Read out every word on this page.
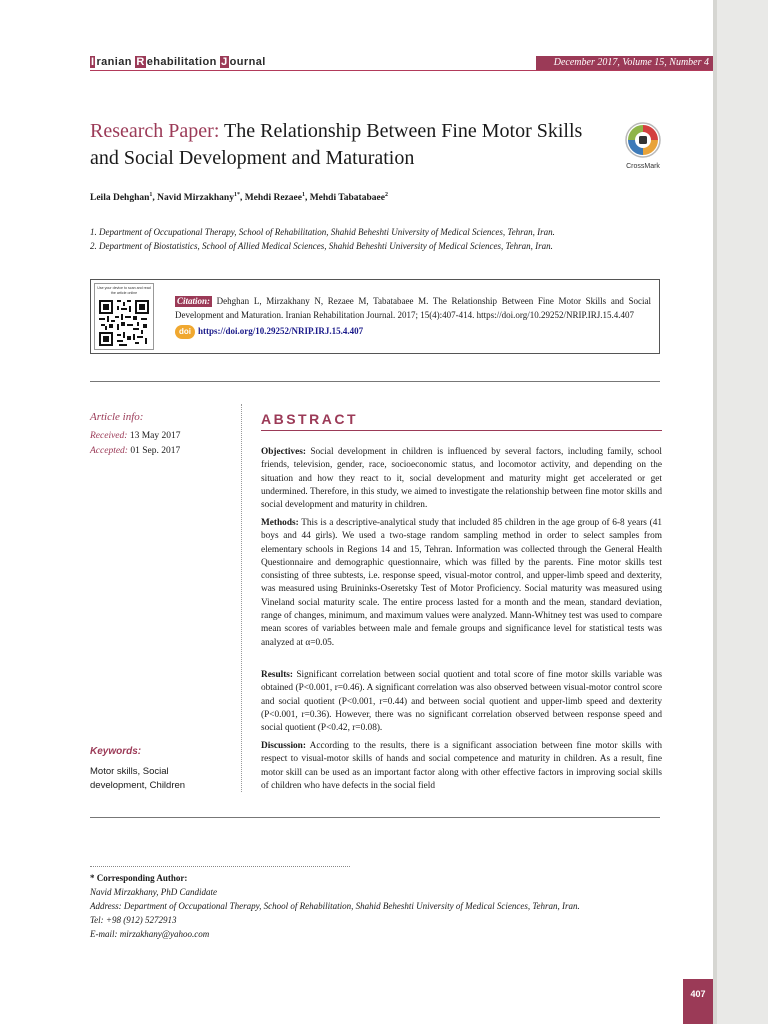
I ranian R ehabilitation J ournal	December 2017, Volume 15, Number 4
Research Paper: The Relationship Between Fine Motor Skills and Social Development and Maturation	CrossMark
Leila Dehghan$^1$, Navid Mirzakhany$^{1*}$, Mehdi Rezaee$^1$, Mehdi Tabatabaee$^2$
1. Department of Occupational Therapy, School of Rehabilitation, Shahid Beheshti University of Medical Sciences, Tehran, Iran.
2. Department of Biostatistics, School of Allied Medical Sciences, Shahid Beheshti University of Medical Sciences, Tehran, Iran.
Use your device to scan and read the article online
Citation: Dehghan L, Mirzakhany N, Rezaee M, Tabatabaee M. The Relationship Between Fine Motor Skills and Social Development and Maturation. Iranian Rehabilitation Journal. 2017; 15(4):407-414. https://doi.org/10.29252/NRIP.IRJ.15.4.407
doi https://doi.org/10.29252/NRIP.IRJ.15.4.407
Article info:
Received: 13 May 2017
Accepted: 01 Sep. 2017
Keywords:
Motor skills, Social development, Children
ABSTRACT
Objectives: Social development in children is influenced by several factors, including family, school friends, television, gender, race, socioeconomic status, and locomotor activity, and depending on the situation and how they react to it, social development and maturity might get accelerated or get undermined. Therefore, in this study, we aimed to investigate the relationship between fine motor skills and social development and maturity in children.
Methods: This is a descriptive-analytical study that included 85 children in the age group of 6-8 years (41 boys and 44 girls). We used a two-stage random sampling method in order to select samples from elementary schools in Regions 14 and 15, Tehran. Information was collected through the General Health Questionnaire and demographic questionnaire, which was filled by the parents. Fine motor skills test consisting of three subtests, i.e. response speed, visual-motor control, and upper-limb speed and dexterity, was measured using Bruininks-Oseretsky Test of Motor Proficiency. Social maturity was measured using Vineland social maturity scale. The entire process lasted for a month and the mean, standard deviation, range of changes, minimum, and maximum values were analyzed. Mann-Whitney test was used to compare mean scores of variables between male and female groups and significance level for statistical tests was analyzed at α=0.05.
Results: Significant correlation between social quotient and total score of fine motor skills variable was obtained (P<0.001, r=0.46). A significant correlation was also observed between visual-motor control score and social quotient (P<0.001, r=0.44) and between social quotient and upper-limb speed and dexterity (P<0.001, r=0.36). However, there was no significant correlation observed between response speed and social quotient (P<0.42, r=0.08).
Discussion: According to the results, there is a significant association between fine motor skills with respect to visual-motor skills of hands and social competence and maturity in children. As a result, fine motor skill can be used as an important factor along with other effective factors in improving social skills of children who have defects in the social field
* Corresponding Author:
Navid Mirzakhany, PhD Candidate
Address: Department of Occupational Therapy, School of Rehabilitation, Shahid Beheshti University of Medical Sciences, Tehran, Iran.
Tel: +98 (912) 5272913
E-mail: mirzakhany@yahoo.com
407
